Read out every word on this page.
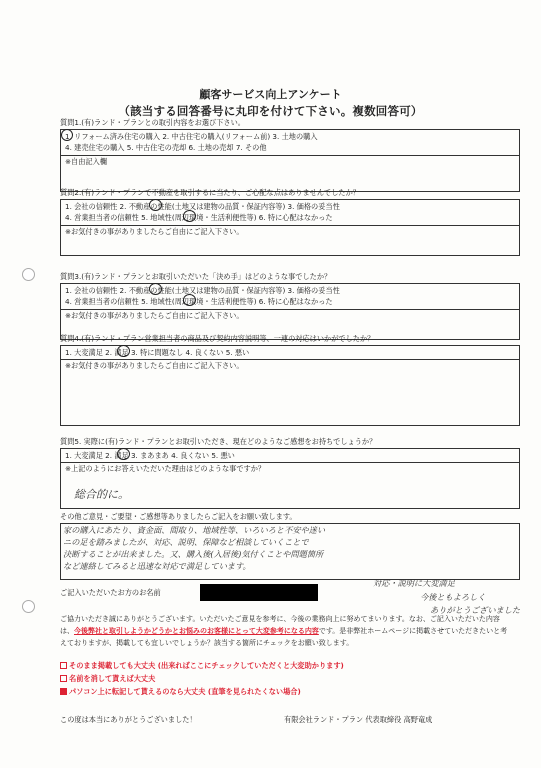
顧客サービス向上アンケート
（該当する回答番号に丸印を付けて下さい。複数回答可）
質問1.(有)ランド・プランとの取引内容をお選び下さい。
1. リフォーム済み住宅の購入 2. 中古住宅の購入(リフォーム前) 3. 土地の購入
4. 建売住宅の購入 5. 中古住宅の売却 6. 土地の売却 7. その他
※自由記入欄
質問2.(有)ランド・プランで不動産を取引するに当たり、ご心配な点はありませんでしたか？
1. 会社の信頼性 2. 不動産の性能(土地又は建物の品質・保証内容等) 3. 価格の妥当性
4. 営業担当者の信頼性 5. 地域性(周辺環境・生活利便性等) 6. 特に心配はなかった
※お気付きの事がありましたらご自由にご記入下さい。
質問3.(有)ランド・プランとお取引いただいた「決め手」はどのような事でしたか？
1. 会社の信頼性 2. 不動産の性能(土地又は建物の品質・保証内容等) 3. 価格の妥当性
4. 営業担当者の信頼性 5. 地域性(周辺環境・生活利便性等) 6. 特に心配はなかった
※お気付きの事がありましたらご自由にご記入下さい。
質問4.(有)ランド・プラン営業担当者の商品及び契約内容説明等、一連の対応はいかがでしたか？
1. 大変満足 2. 満足 3. 特に問題なし 4. 良くない 5. 悪い
※お気付きの事がありましたらご自由にご記入下さい。
質問5. 実際に(有)ランド・プランとお取引いただき、現在どのようなご感想をお持ちでしょうか？
1. 大変満足 2. 満足 3. まあまあ 4. 良くない 5. 悪い
※上記のようにお答えいただいた理由はどのような事ですか？
総合的に。
その他ご意見・ご要望・ご感想等ありましたらご記入をお願い致します。
家の購入にあたり、資金面、間取り、地域性等、いろいろと不安や迷い
ニの足を踏みましたが、対応、説明、保障など相談していくことで
決断することが出来ました。又、購入後(入居後)気付くことや問題箇所
など連絡してみると迅速な対応で満足しています。
対応・説明に大変満足
今後ともよろしく
ありがとうございました
ご記入いただいたお方のお名前
ご協力いただき誠にありがとうございます。いただいたご意見を参考に、今後の業務向上に努めてまいります。なお、ご記入いただいた内容は、今後弊社と取引しようかどうかとお悩みのお客様にとって大変参考になる内容です。是非弊社ホームページに掲載させていただきたいと考えておりますが、掲載しても宜しいでしょうか？該当する箇所にチェックをお願い致します。
そのまま掲載しても大丈夫 (出来ればここにチェックしていただくと大変助かります)
名前を消して貰えば大丈夫
パソコン上に転記して貰えるのなら大丈夫 (直筆を見られたくない場合)
この度は本当にありがとうございました！	有限会社ランド・プラン 代表取締役 高野竜成
